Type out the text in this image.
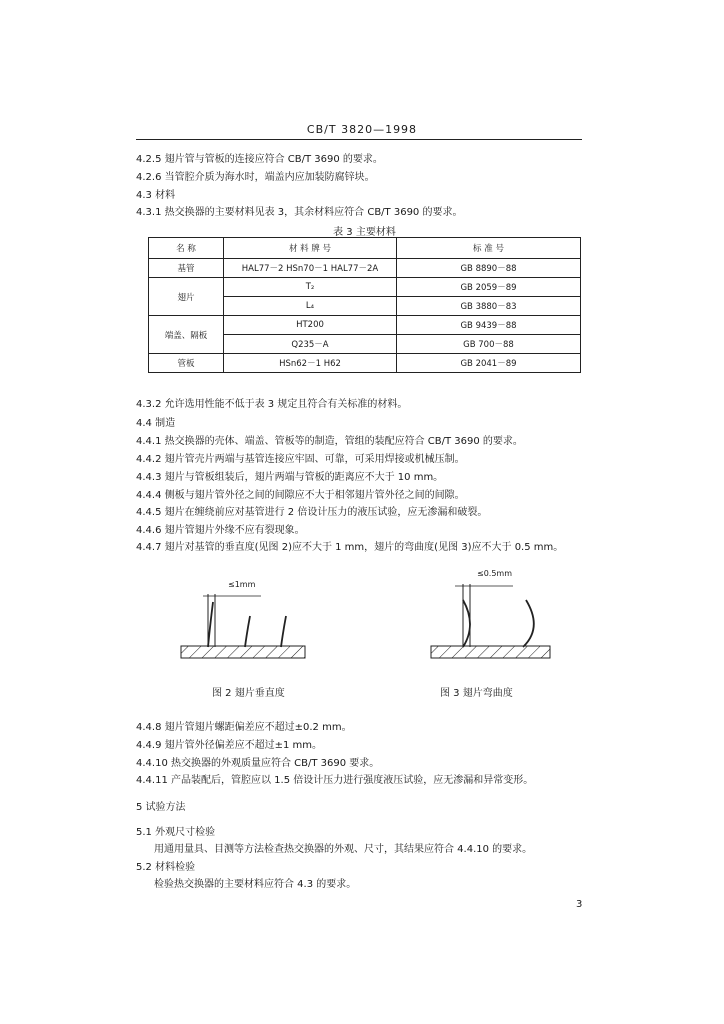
CB/T 3820—1998
4.2.5 翅片管与管板的连接应符合 CB/T 3690 的要求。
4.2.6 当管腔介质为海水时，端盖内应加装防腐锌块。
4.3 材料
4.3.1 热交换器的主要材料见表 3，其余材料应符合 CB/T 3690 的要求。
表 3 主要材料
名 称	材 料 牌 号	标 准 号
基管	HAL77－2 HSn70－1 HAL77－2A	GB 8890－88
翅片	T₂	GB 2059－89
	L₄	GB 3880－83
端盖、隔板	HT200	GB 9439－88
	Q235－A	GB 700－88
管板	HSn62－1 H62	GB 2041－89
4.3.2 允许选用性能不低于表 3 规定且符合有关标准的材料。
4.4 制造
4.4.1 热交换器的壳体、端盖、管板等的制造，管组的装配应符合 CB/T 3690 的要求。
4.4.2 翅片管壳片两端与基管连接应牢固、可靠，可采用焊接或机械压制。
4.4.3 翅片与管板组装后，翅片两端与管板的距离应不大于 10 mm。
4.4.4 侧板与翅片管外径之间的间隙应不大于相邻翅片管外径之间的间隙。
4.4.5 翅片在缠绕前应对基管进行 2 倍设计压力的液压试验，应无渗漏和破裂。
4.4.6 翅片管翅片外缘不应有裂现象。
4.4.7 翅片对基管的垂直度(见图 2)应不大于 1 mm，翅片的弯曲度(见图 3)应不大于 0.5 mm。
≤1mm
≤0.5mm
图 2 翅片垂直度	图 3 翅片弯曲度
4.4.8 翅片管翅片螺距偏差应不超过±0.2 mm。
4.4.9 翅片管外径偏差应不超过±1 mm。
4.4.10 热交换器的外观质量应符合 CB/T 3690 要求。
4.4.11 产品装配后，管腔应以 1.5 倍设计压力进行强度液压试验，应无渗漏和异常变形。
5 试验方法
5.1 外观尺寸检验
用通用量具、目测等方法检查热交换器的外观、尺寸，其结果应符合 4.4.10 的要求。
5.2 材料检验
检验热交换器的主要材料应符合 4.3 的要求。
3
